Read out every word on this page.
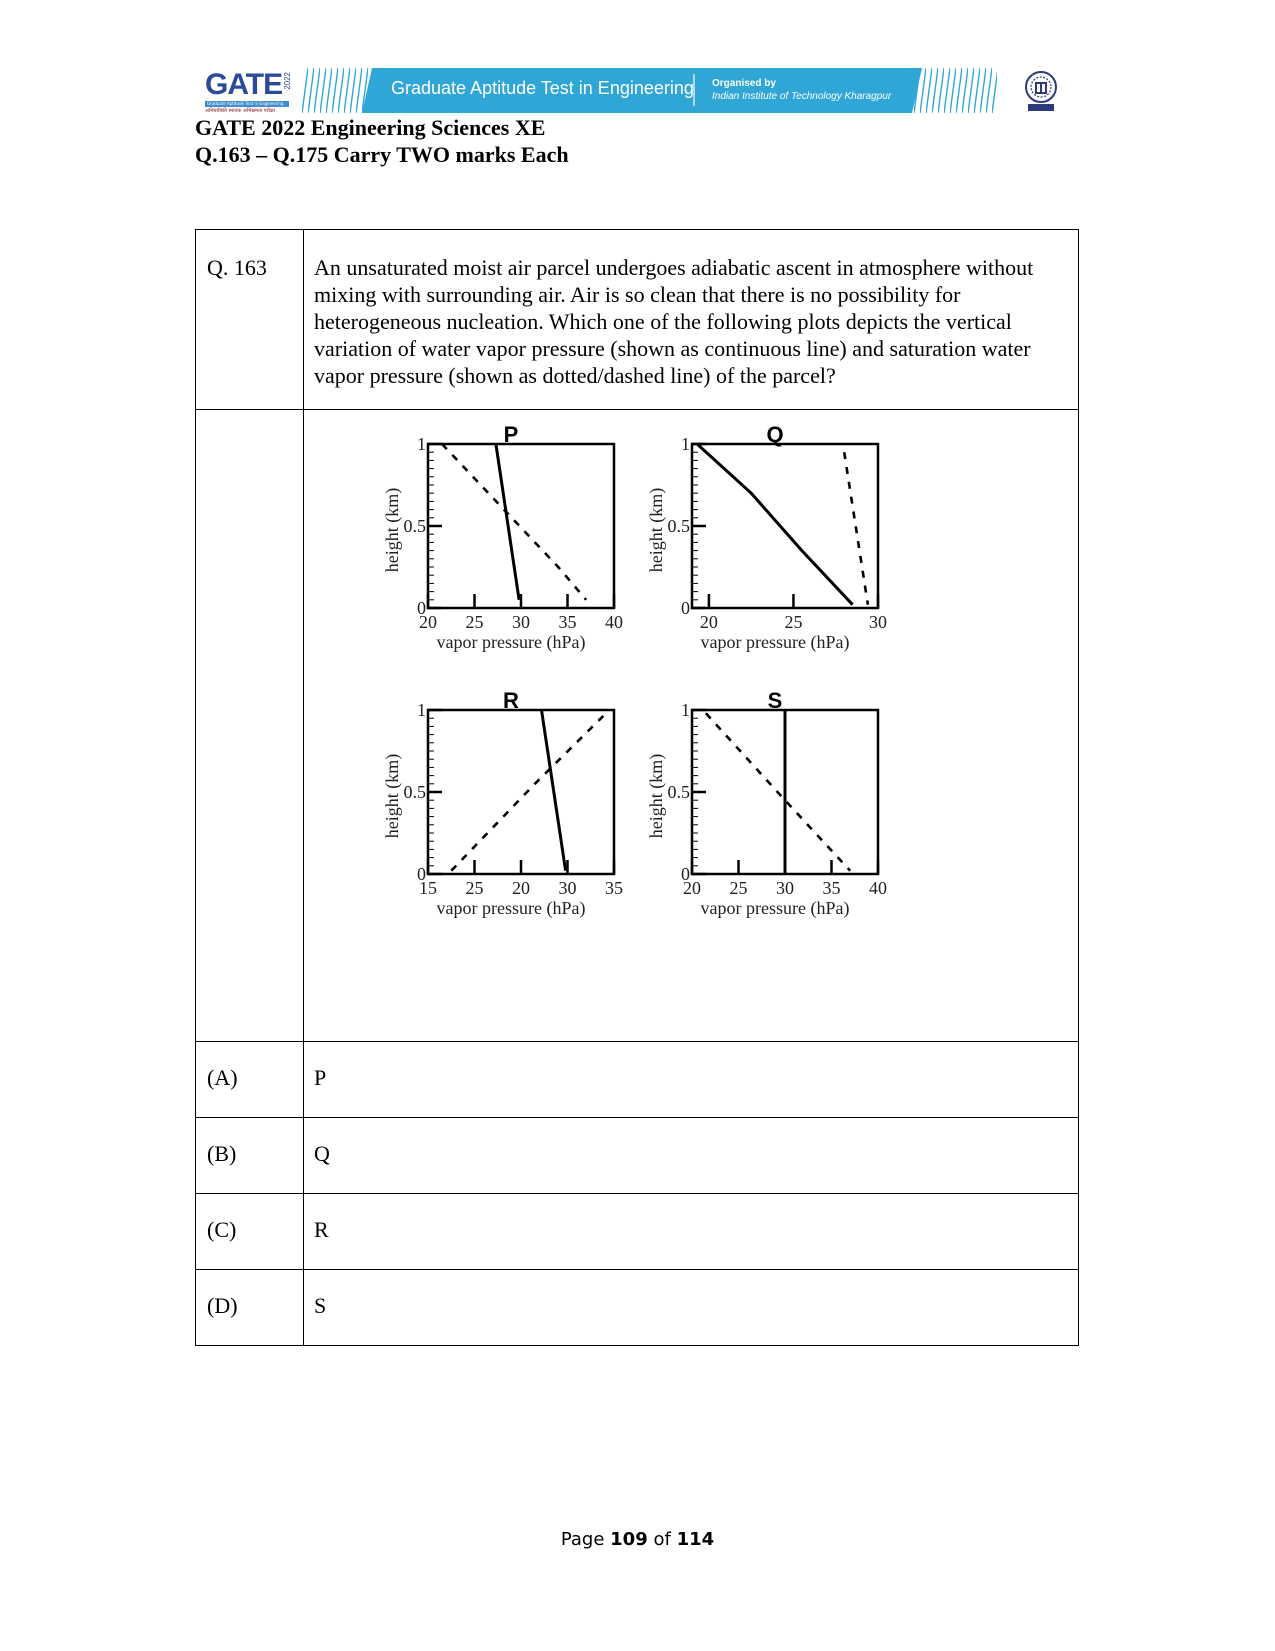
GATE 2022
Graduate Aptitude Test in Engineering
अभियांत्रिकी स्नातक अभिक्षमता परीक्षा
Graduate Aptitude Test in Engineering Organised by
Indian Institute of Technology Kharagpur
GATE 2022 Engineering Sciences XE
Q.163 – Q.175 Carry TWO marks Each
Q. 163	An unsaturated moist air parcel undergoes adiabatic ascent in atmosphere without mixing with surrounding air. Air is so clean that there is no possibility for heterogeneous nucleation. Which one of the following plots depicts the vertical variation of water vapor pressure (shown as continuous line) and saturation water vapor pressure (shown as dotted/dashed line) of the parcel?

(A)	P
(B)	Q
(C)	R
(D)	S
P
0
0.5
1
20 25 30 35 40
vapor pressure (hPa)
height (km)
Q
0
0.5
1
20	25	30
vapor pressure (hPa)
height (km)
R
0
0.5
1
15 25 20 30 35
vapor pressure (hPa)
height (km)
S
0
0.5
1
20 25 30 35 40
vapor pressure (hPa)
height (km)
Page 109 of 114
